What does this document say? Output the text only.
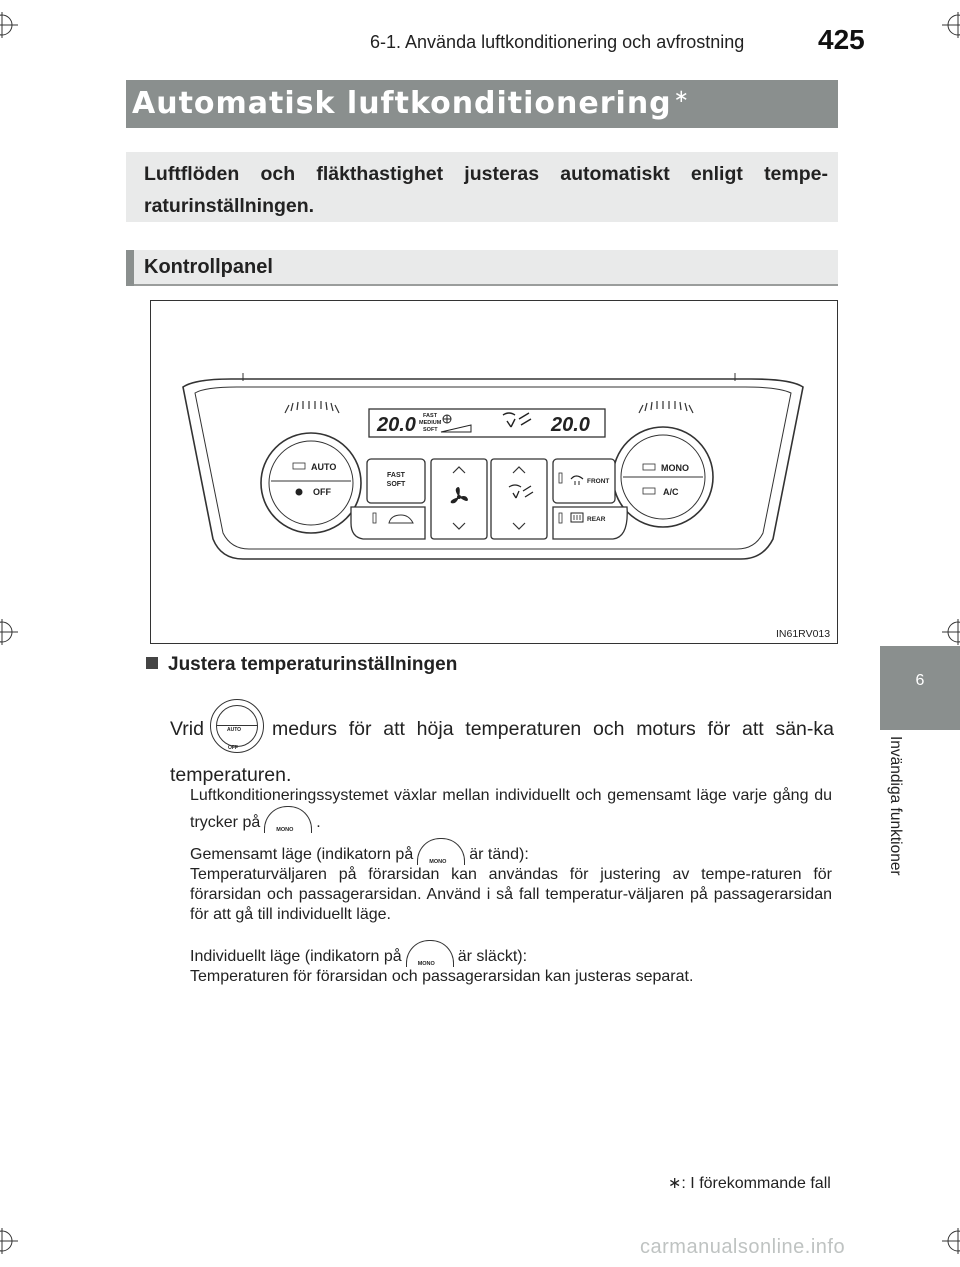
6-1. Använda luftkonditionering och avfrostning	425
Automatisk luftkonditionering ∗
Luftflöden och fläkthastighet justeras automatiskt enligt tempe-raturinställningen.
Kontrollpanel
20.0 FAST
MEDIUM
SOFT	20.0
AUTO
OFF
MONO
A/C
FAST
SOFT	FRONT
REAR
IN61RV013
Justera temperaturinställningen
Vrid	AUTO
OFF
medurs för att höja temperaturen och moturs för att sän-ka temperaturen.
Luftkonditioneringssystemet växlar mellan individuellt och gemensamt läge varje gång du trycker på	MONO .
Gemensamt läge (indikatorn på	MONO är tänd):
Temperaturväljaren på förarsidan kan användas för justering av tempe-raturen för förarsidan och passagerarsidan. Använd i så fall temperatur-väljaren på passagerarsidan för att gå till individuellt läge.
Individuellt läge (indikatorn på	MONO är släckt):
Temperaturen för förarsidan och passagerarsidan kan justeras separat.
∗: I förekommande fall
6
Invändiga funktioner
carmanualsonline.info
